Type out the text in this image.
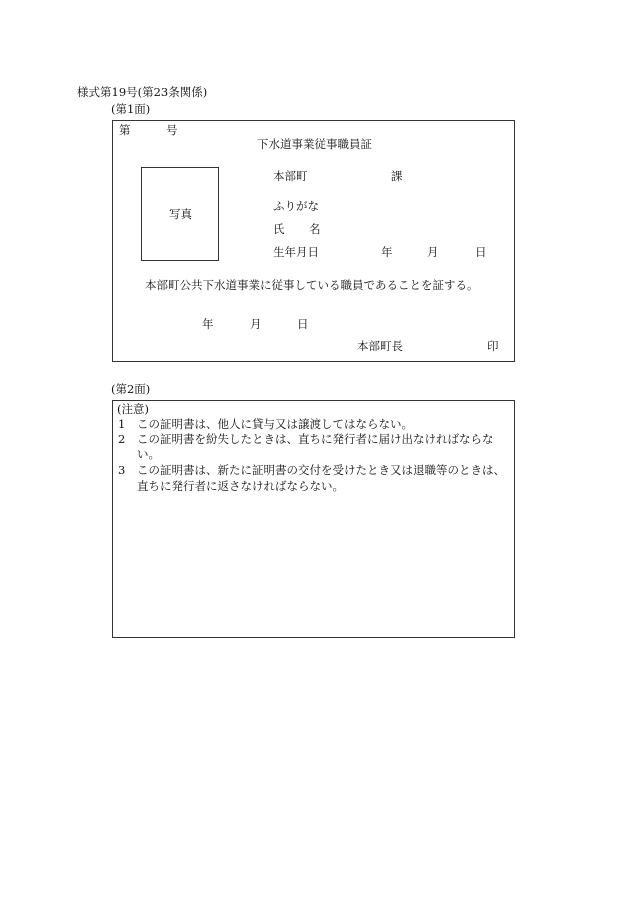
様式第19号(第23条関係)
(第1面)
第	号
下水道事業従事職員証
写真
本部町	課
ふりがな
氏 名
生年月日	年	月	日
本部町公共下水道事業に従事している職員であることを証する。
年	月	日
本部町長	印
(第2面)
(注意)
1 この証明書は、他人に貸与又は譲渡してはならない。
2 この証明書を紛失したときは、直ちに発行者に届け出なければならな
い。
3 この証明書は、新たに証明書の交付を受けたとき又は退職等のときは、
直ちに発行者に返さなければならない。
